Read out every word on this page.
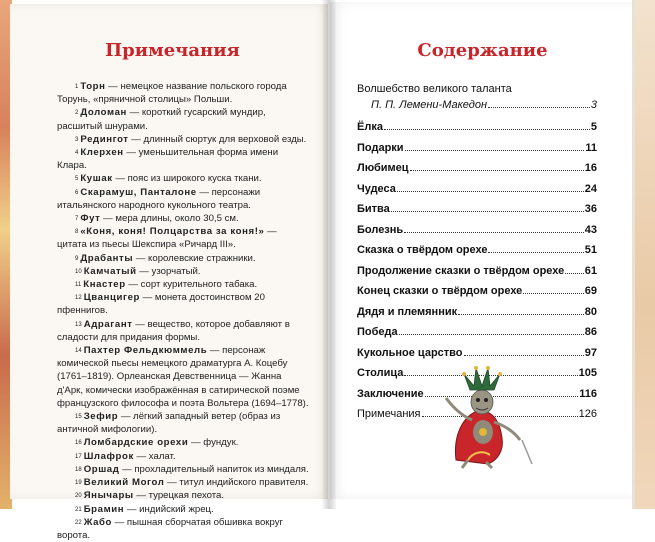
Примечания	Содержание

$^1$ Торн — немецкое название польского города Торунь, «пряничной столицы» Польши.

$^2$ Доломан — короткий гусарский мундир, расшитый шнурами.

$^3$ Редингот — длинный сюртук для верховой езды.

$^4$ Клерхен — уменьшительная форма имени Клара.

$^5$ Кушак — пояс из широкого куска ткани.

$^6$ Скарамуш, Панталоне — персонажи итальянского народного кукольного театра.

$^7$ Фут — мера длины, около 30,5 см.

$^8$ «Коня, коня! Полцарства за коня!» — цитата из пьесы Шекспира «Ричард III».

$^9$ Драбанты — королевские стражники.

$^{10}$ Камчатый — узорчатый.

$^{11}$ Кнастер — сорт курительного табака.

$^{12}$ Цванцигер — монета достоинством 20 пфеннигов.

$^{13}$ Адрагант — вещество, которое добавляют в сладости для придания формы.

$^{14}$ Пахтер Фельдкюммель — персонаж комической пьесы немецкого драматурга А. Коцебу (1761–1819). Орлеанская Девственница — Жанна д'Арк, комически изображённая в сатирической поэме французского философа и поэта Вольтера (1694–1778).

$^{15}$ Зефир — лёгкий западный ветер (образ из античной мифологии).

$^{16}$ Ломбардские орехи — фундук.

$^{17}$ Шлафрок — халат.

$^{18}$ Оршад — прохладительный напиток из миндаля.

$^{19}$ Великий Могол — титул индийского правителя.

$^{20}$ Янычары — турецкая пехота.

$^{21}$ Брамин — индийский жрец.

$^{22}$ Жабо — пышная сборчатая обшивка вокруг ворота.

Волшебство великого таланта
П. П. Лемени-Македон	3
Ёлка	5
Подарки	11
Любимец	16
Чудеса	24
Битва	36
Болезнь	43
Сказка о твёрдом орехе	51
Продолжение сказки о твёрдом орехе 61
Конец сказки о твёрдом орехе	69
Дядя и племянник	80
Победа	86
Кукольное царство	97
Столица	105
Заключение	116
Примечания	126
